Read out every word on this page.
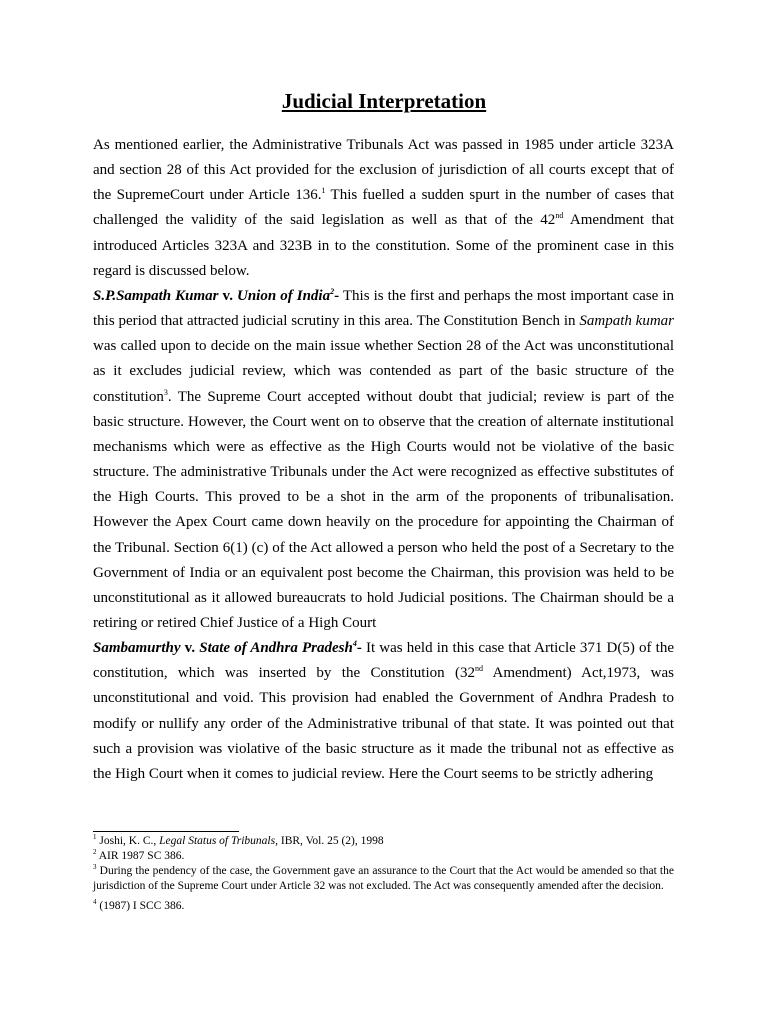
Judicial Interpretation

As mentioned earlier, the Administrative Tribunals Act was passed in 1985 under article 323A and section 28 of this Act provided for the exclusion of jurisdiction of all courts except that of the SupremeCourt under Article 136.$^1$ This fuelled a sudden spurt in the number of cases that challenged the validity of the said legislation as well as that of the 42nd Amendment that introduced Articles 323A and 323B in to the constitution. Some of the prominent case in this regard is discussed below.

S.P.Sampath Kumar v. Union of India$^2$- This is the first and perhaps the most important case in this period that attracted judicial scrutiny in this area. The Constitution Bench in Sampath kumar was called upon to decide on the main issue whether Section 28 of the Act was unconstitutional as it excludes judicial review, which was contended as part of the basic structure of the constitution$^3$. The Supreme Court accepted without doubt that judicial; review is part of the basic structure. However, the Court went on to observe that the creation of alternate institutional mechanisms which were as effective as the High Courts would not be violative of the basic structure. The administrative Tribunals under the Act were recognized as effective substitutes of the High Courts. This proved to be a shot in the arm of the proponents of tribunalisation. However the Apex Court came down heavily on the procedure for appointing the Chairman of the Tribunal. Section 6(1) (c) of the Act allowed a person who held the post of a Secretary to the Government of India or an equivalent post become the Chairman, this provision was held to be unconstitutional as it allowed bureaucrats to hold Judicial positions. The Chairman should be a retiring or retired Chief Justice of a High Court

Sambamurthy v. State of Andhra Pradesh$^4$- It was held in this case that Article 371 D(5) of the constitution, which was inserted by the Constitution (32nd Amendment) Act,1973, was unconstitutional and void. This provision had enabled the Government of Andhra Pradesh to modify or nullify any order of the Administrative tribunal of that state. It was pointed out that such a provision was violative of the basic structure as it made the tribunal not as effective as the High Court when it comes to judicial review. Here the Court seems to be strictly adhering

$^1$ Joshi, K. C., Legal Status of Tribunals, IBR, Vol. 25 (2), 1998

$^2$ AIR 1987 SC 386.

$^3$ During the pendency of the case, the Government gave an assurance to the Court that the Act would be amended so that the jurisdiction of the Supreme Court under Article 32 was not excluded. The Act was consequently amended after the decision.

$^4$ (1987) I SCC 386.
